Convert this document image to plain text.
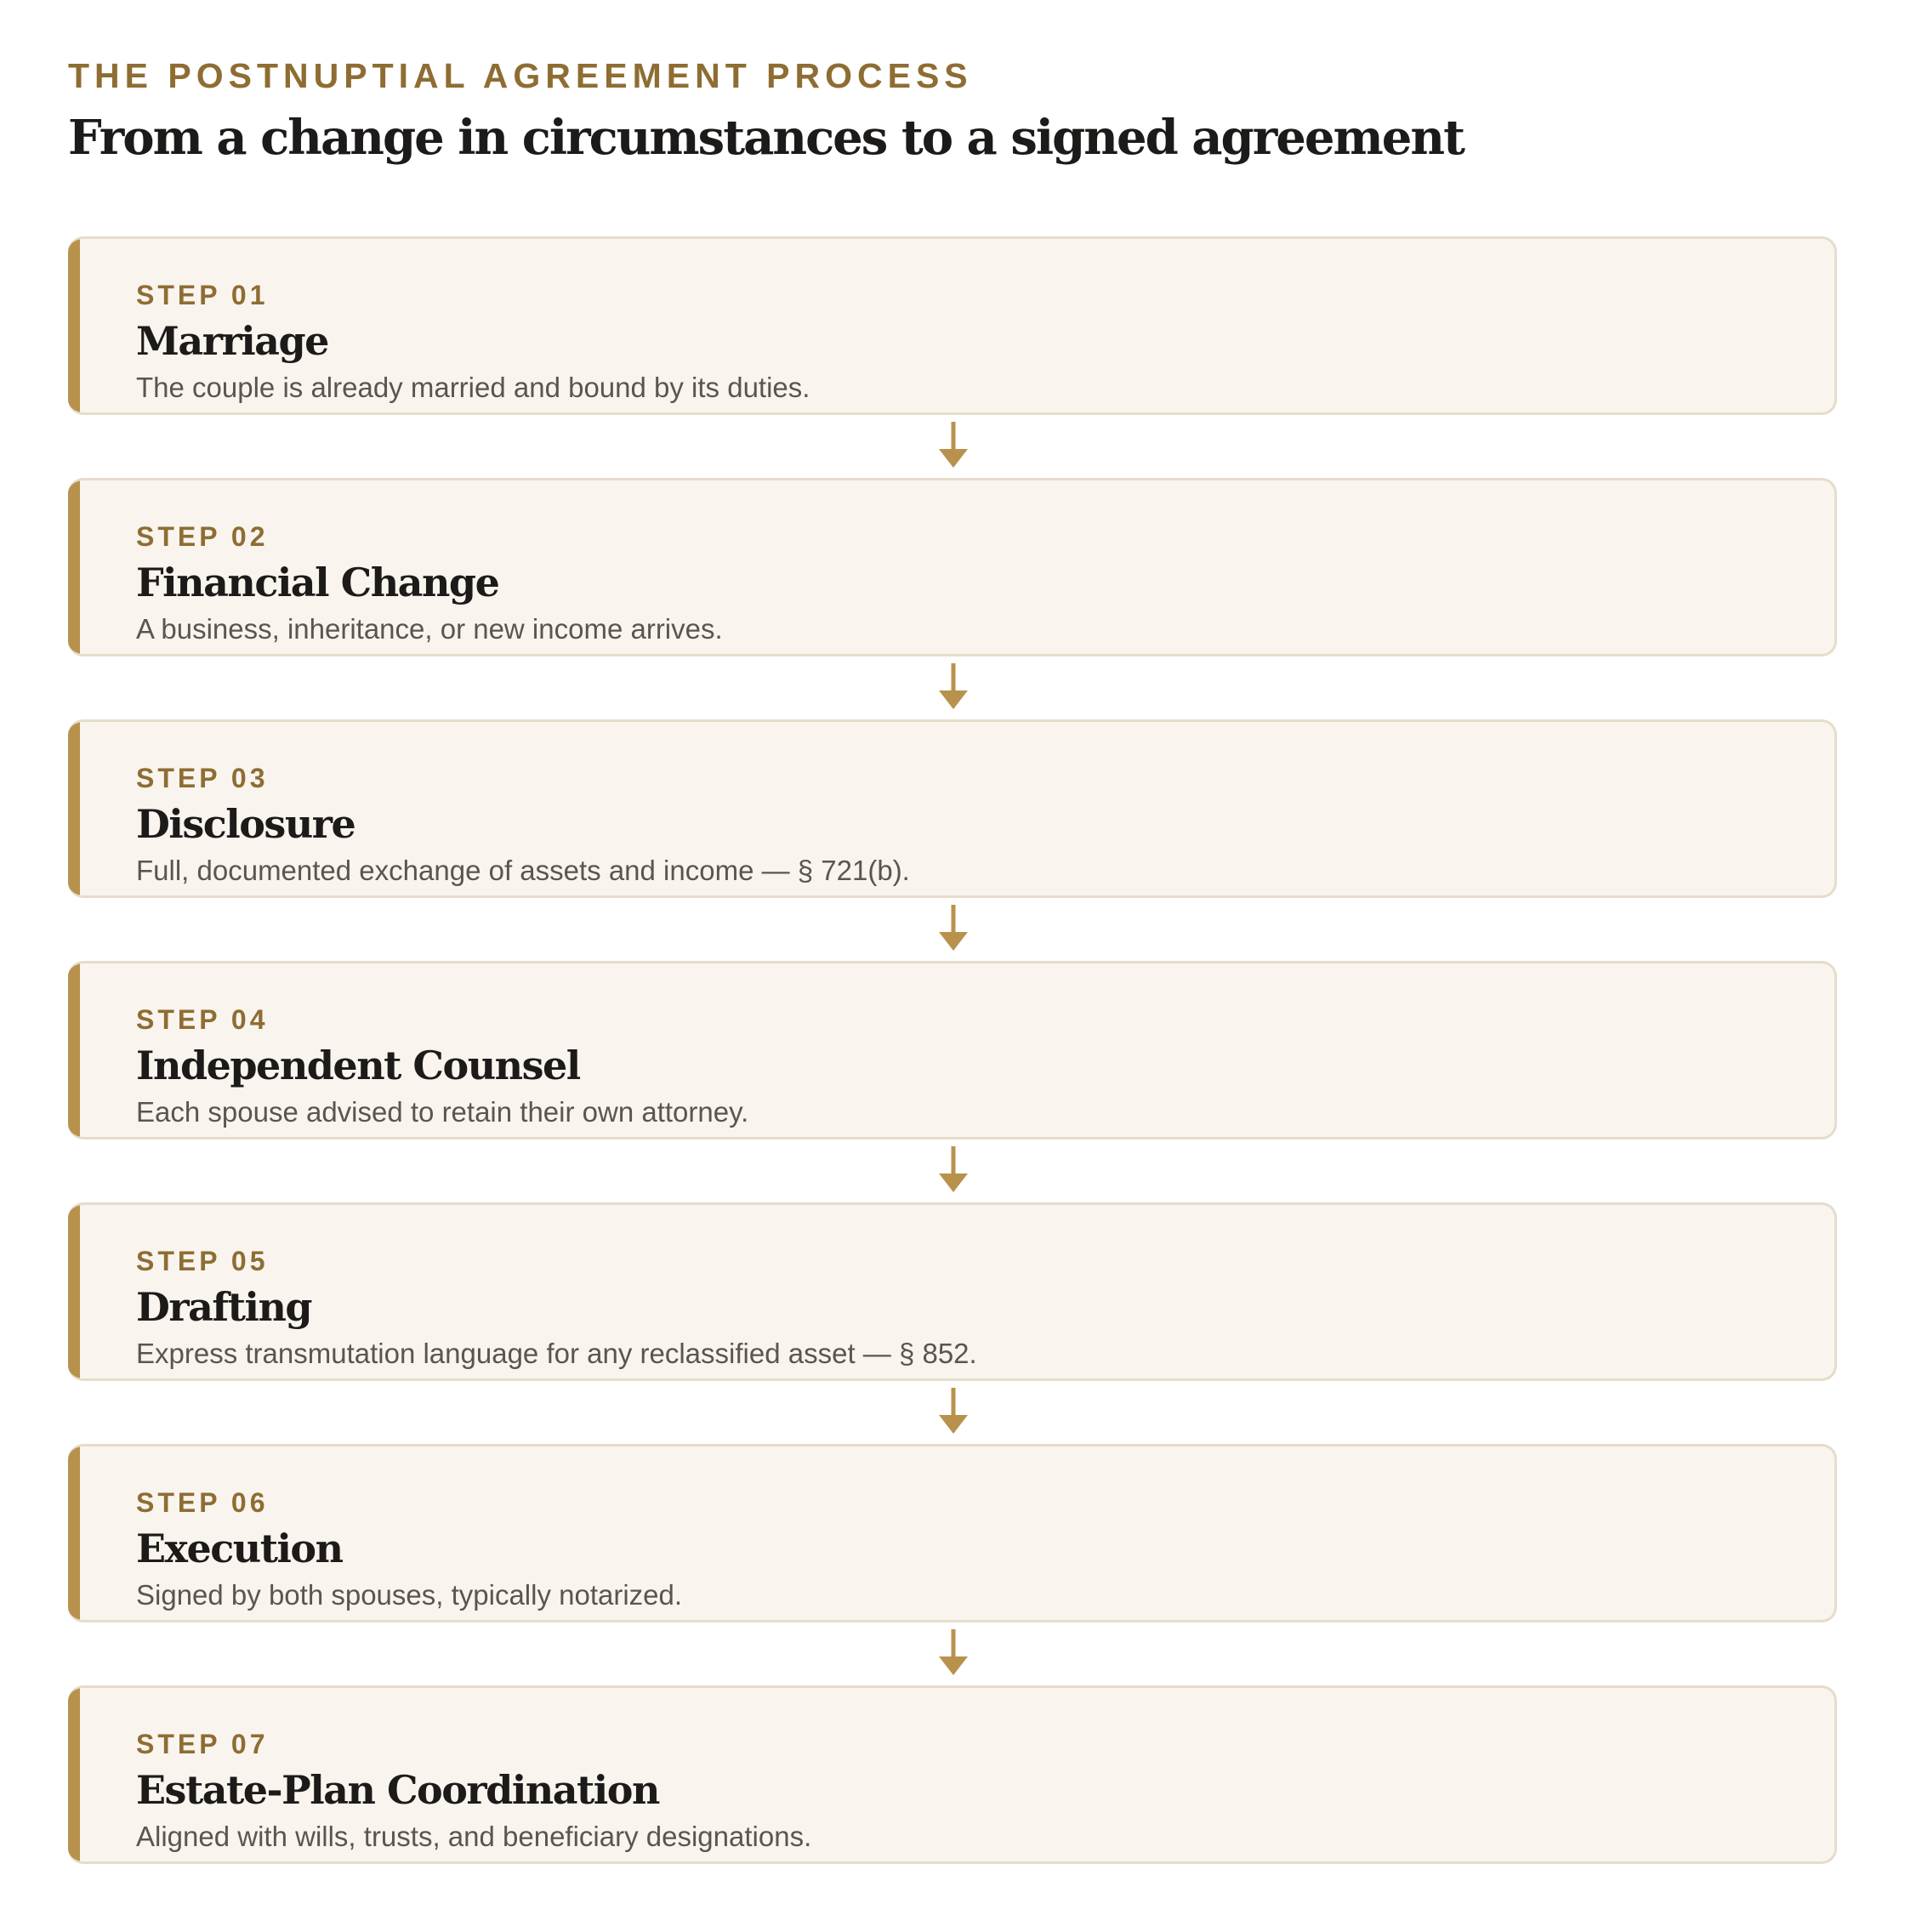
THE POSTNUPTIAL AGREEMENT PROCESS
From a change in circumstances to a signed agreement
STEP 01
Marriage
The couple is already married and bound by its duties.
STEP 02
Financial Change
A business, inheritance, or new income arrives.
STEP 03
Disclosure
Full, documented exchange of assets and income — § 721(b).
STEP 04
Independent Counsel
Each spouse advised to retain their own attorney.
STEP 05
Drafting
Express transmutation language for any reclassified asset — § 852.
STEP 06
Execution
Signed by both spouses, typically notarized.
STEP 07
Estate-Plan Coordination
Aligned with wills, trusts, and beneficiary designations.
